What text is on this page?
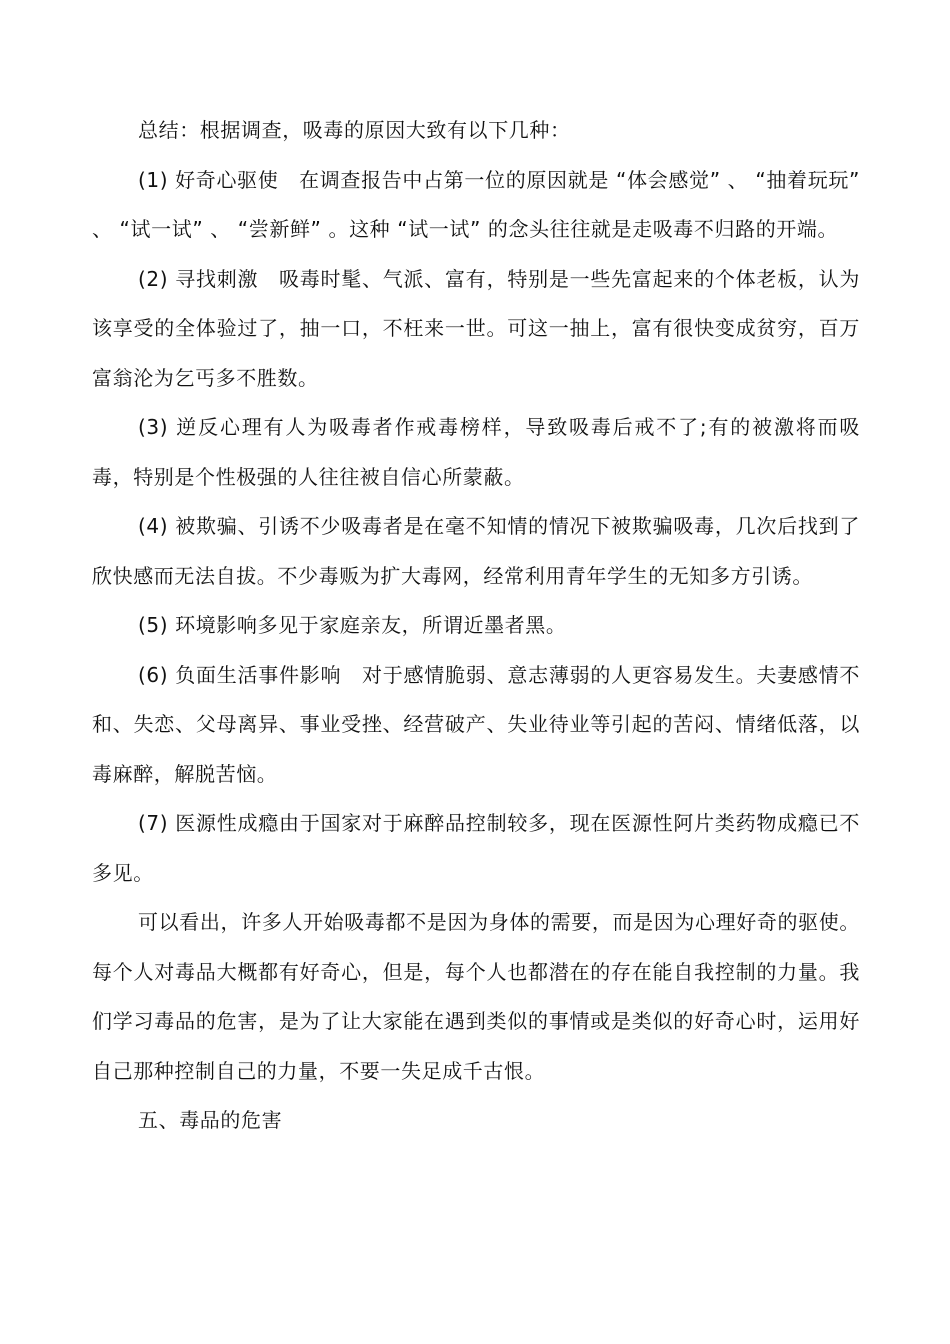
总结：根据调查，吸毒的原因大致有以下几种：

(1) 好奇心驱使　在调查报告中占第一位的原因就是 “体会感觉” 、 “抽着玩玩” 、 “试一试” 、 “尝新鲜” 。这种 “试一试” 的念头往往就是走吸毒不归路的开端。

(2) 寻找刺激　吸毒时髦、气派、富有，特别是一些先富起来的个体老板，认为该享受的全体验过了，抽一口，不枉来一世。可这一抽上，富有很快变成贫穷，百万富翁沦为乞丐多不胜数。

(3) 逆反心理有人为吸毒者作戒毒榜样，导致吸毒后戒不了;有的被激将而吸毒，特别是个性极强的人往往被自信心所蒙蔽。

(4) 被欺骗、引诱不少吸毒者是在毫不知情的情况下被欺骗吸毒，几次后找到了欣快感而无法自拔。不少毒贩为扩大毒网，经常利用青年学生的无知多方引诱。

(5) 环境影响多见于家庭亲友，所谓近墨者黑。

(6) 负面生活事件影响　对于感情脆弱、意志薄弱的人更容易发生。夫妻感情不和、失恋、父母离异、事业受挫、经营破产、失业待业等引起的苦闷、情绪低落，以毒麻醉，解脱苦恼。

(7) 医源性成瘾由于国家对于麻醉品控制较多，现在医源性阿片类药物成瘾已不多见。

可以看出，许多人开始吸毒都不是因为身体的需要，而是因为心理好奇的驱使。每个人对毒品大概都有好奇心，但是，每个人也都潜在的存在能自我控制的力量。我们学习毒品的危害，是为了让大家能在遇到类似的事情或是类似的好奇心时，运用好自己那种控制自己的力量，不要一失足成千古恨。

五、毒品的危害
